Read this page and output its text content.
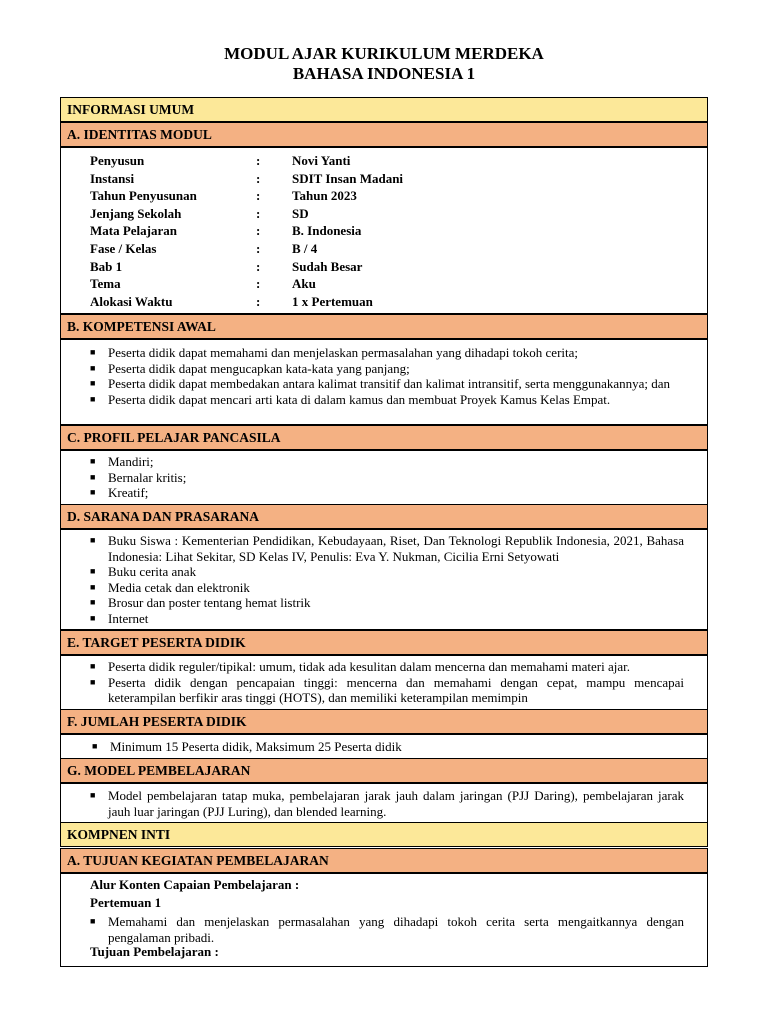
MODUL AJAR KURIKULUM MERDEKA
BAHASA INDONESIA 1
INFORMASI UMUM
A. IDENTITAS MODUL
Penyusun	: Novi Yanti
Instansi	: SDIT Insan Madani
Tahun Penyusunan	: Tahun 2023
Jenjang Sekolah	: SD
Mata Pelajaran	: B. Indonesia
Fase / Kelas	: B / 4
Bab 1	: Sudah Besar
Tema	: Aku
Alokasi Waktu	: 1 x Pertemuan
B. KOMPETENSI AWAL
■ Peserta didik dapat memahami dan menjelaskan permasalahan yang dihadapi tokoh cerita;
■ Peserta didik dapat mengucapkan kata-kata yang panjang;
■ Peserta didik dapat membedakan antara kalimat transitif dan kalimat intransitif, serta menggunakannya; dan
■ Peserta didik dapat mencari arti kata di dalam kamus dan membuat Proyek Kamus Kelas Empat.
C. PROFIL PELAJAR PANCASILA
■ Mandiri;
■ Bernalar kritis;
■ Kreatif;
D. SARANA DAN PRASARANA
■ Buku Siswa : Kementerian Pendidikan, Kebudayaan, Riset, Dan Teknologi Republik Indonesia, 2021, Bahasa Indonesia: Lihat Sekitar, SD Kelas IV, Penulis: Eva Y. Nukman, Cicilia Erni Setyowati
■ Buku cerita anak
■ Media cetak dan elektronik
■ Brosur dan poster tentang hemat listrik
■ Internet
E. TARGET PESERTA DIDIK
■ Peserta didik reguler/tipikal: umum, tidak ada kesulitan dalam mencerna dan memahami materi ajar.
■ Peserta didik dengan pencapaian tinggi: mencerna dan memahami dengan cepat, mampu mencapai keterampilan berfikir aras tinggi (HOTS), dan memiliki keterampilan memimpin
F. JUMLAH PESERTA DIDIK
■ Minimum 15 Peserta didik, Maksimum 25 Peserta didik
G. MODEL PEMBELAJARAN
■ Model pembelajaran tatap muka, pembelajaran jarak jauh dalam jaringan (PJJ Daring), pembelajaran jarak jauh luar jaringan (PJJ Luring), dan blended learning.
KOMPNEN INTI
A. TUJUAN KEGIATAN PEMBELAJARAN
Alur Konten Capaian Pembelajaran :
Pertemuan 1
■ Memahami dan menjelaskan permasalahan yang dihadapi tokoh cerita serta mengaitkannya dengan pengalaman pribadi.
Tujuan Pembelajaran :
